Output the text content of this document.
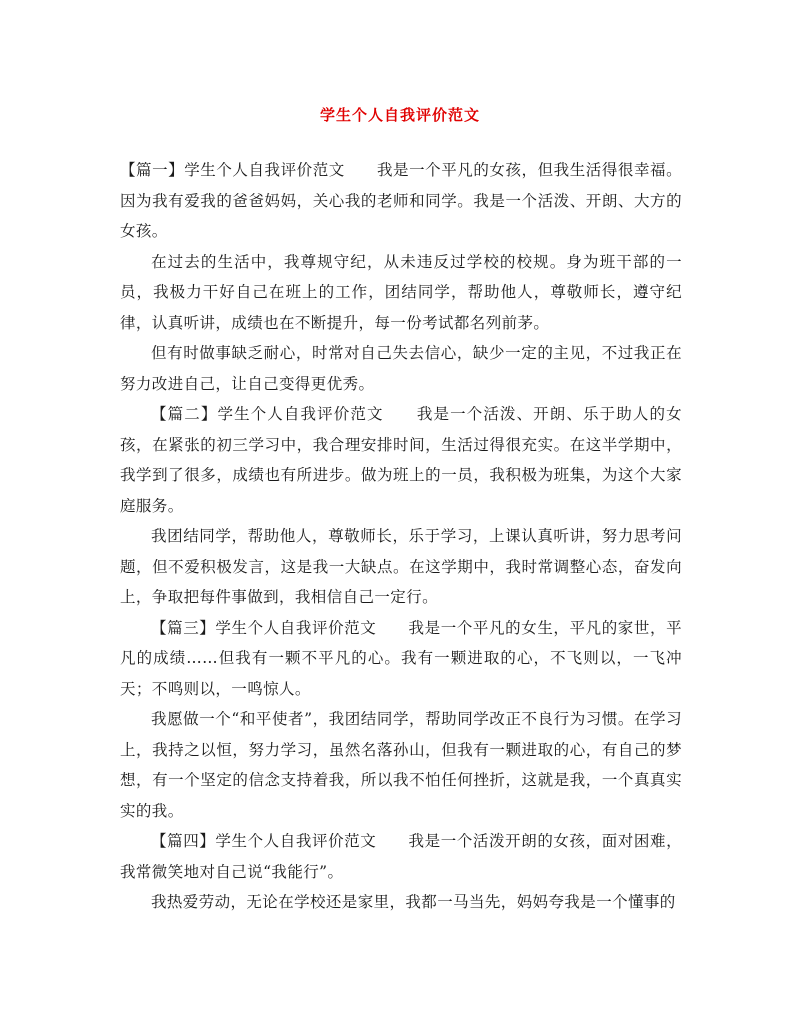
学生个人自我评价范文

【篇一】学生个人自我评价范文　　我是一个平凡的女孩，但我生活得很幸福。因为我有爱我的爸爸妈妈，关心我的老师和同学。我是一个活泼、开朗、大方的女孩。

在过去的生活中，我尊规守纪，从未违反过学校的校规。身为班干部的一员，我极力干好自己在班上的工作，团结同学，帮助他人，尊敬师长，遵守纪律，认真听讲，成绩也在不断提升，每一份考试都名列前茅。

但有时做事缺乏耐心，时常对自己失去信心，缺少一定的主见，不过我正在努力改进自己，让自己变得更优秀。

【篇二】学生个人自我评价范文　　我是一个活泼、开朗、乐于助人的女孩，在紧张的初三学习中，我合理安排时间，生活过得很充实。在这半学期中，我学到了很多，成绩也有所进步。做为班上的一员，我积极为班集，为这个大家庭服务。

我团结同学，帮助他人，尊敬师长，乐于学习，上课认真听讲，努力思考问题，但不爱积极发言，这是我一大缺点。在这学期中，我时常调整心态，奋发向上，争取把每件事做到，我相信自己一定行。

【篇三】学生个人自我评价范文　　我是一个平凡的女生，平凡的家世，平凡的成绩……但我有一颗不平凡的心。我有一颗进取的心，不飞则以，一飞冲天；不鸣则以，一鸣惊人。

我愿做一个“和平使者”，我团结同学，帮助同学改正不良行为习惯。在学习上，我持之以恒，努力学习，虽然名落孙山，但我有一颗进取的心，有自己的梦想，有一个坚定的信念支持着我，所以我不怕任何挫折，这就是我，一个真真实实的我。

【篇四】学生个人自我评价范文　　我是一个活泼开朗的女孩，面对困难，我常微笑地对自己说“我能行”。

我热爱劳动，无论在学校还是家里，我都一马当先，妈妈夸我是一个懂事的
